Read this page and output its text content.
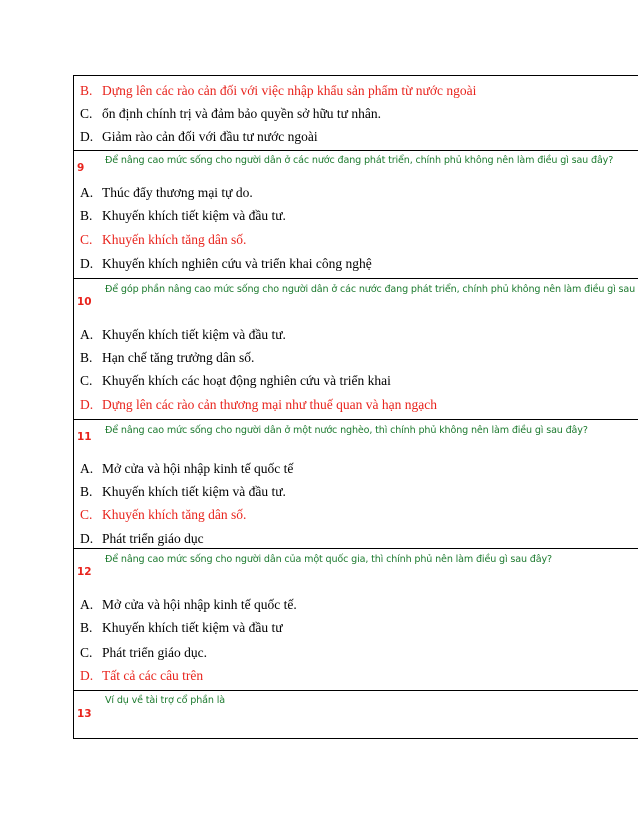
B. Dựng lên các rào cản đối với việc nhập khẩu sản phẩm từ nước ngoài
C. ổn định chính trị và đảm bảo quyền sở hữu tư nhân.
D. Giảm rào cản đối với đầu tư nước ngoài
Để nâng cao mức sống cho người dân ở các nước đang phát triển, chính phủ không nên làm điều gì sau đây?
9
A. Thúc đẩy thương mại tự do.
B. Khuyến khích tiết kiệm và đầu tư.
C. Khuyến khích tăng dân số.
D. Khuyến khích nghiên cứu và triển khai công nghệ
Để góp phần nâng cao mức sống cho người dân ở các nước đang phát triển, chính phủ không nên làm điều gì sau
10
A. Khuyến khích tiết kiệm và đầu tư.
B. Hạn chế tăng trưởng dân số.
C. Khuyến khích các hoạt động nghiên cứu và triển khai
D. Dựng lên các rào cản thương mại như thuế quan và hạn ngạch
Để nâng cao mức sống cho người dân ở một nước nghèo, thì chính phủ không nên làm điều gì sau đây?
11
A. Mở cửa và hội nhập kinh tế quốc tế
B. Khuyến khích tiết kiệm và đầu tư.
C. Khuyến khích tăng dân số.
D. Phát triển giáo dục
Để nâng cao mức sống cho người dân của một quốc gia, thì chính phủ nên làm điều gì sau đây?
12
A. Mở cửa và hội nhập kinh tế quốc tế.
B. Khuyến khích tiết kiệm và đầu tư
C. Phát triển giáo dục.
D. Tất cả các câu trên
Ví dụ về tài trợ cổ phần là
13
